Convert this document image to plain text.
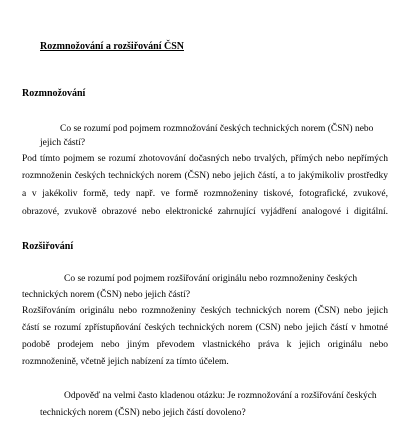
Rozmnožování a rozšiřování ČSN
Rozmnožování
Co se rozumí pod pojmem rozmnožování českých technických norem (ČSN) nebo
jejich částí?
Pod tímto pojmem se rozumí zhotovování dočasných nebo trvalých, přímých nebo nepřímých
rozmnoženin českých technických norem (ČSN) nebo jejich částí, a to jakýmikoliv prostředky
a v jakékoliv formě, tedy např. ve formě rozmnoženiny tiskové, fotografické, zvukové,
obrazové, zvukově obrazové nebo elektronické zahrnující vyjádření analogové i digitální.
Rozšiřování
Co se rozumí pod pojmem rozšiřování originálu nebo rozmnoženiny českých
technických norem (ČSN) nebo jejich částí?
Rozšiřováním originálu nebo rozmnoženiny českých technických norem (ČSN) nebo jejich
částí se rozumí zpřístupňování českých technických norem (CSN) nebo jejich částí v hmotné
podobě prodejem nebo jiným převodem vlastnického práva k jejich originálu nebo
rozmnoženině, včetně jejich nabízení za tímto účelem.
Odpověď na velmi často kladenou otázku: Je rozmnožování a rozšiřování českých
technických norem (ČSN) nebo jejich částí dovoleno?
